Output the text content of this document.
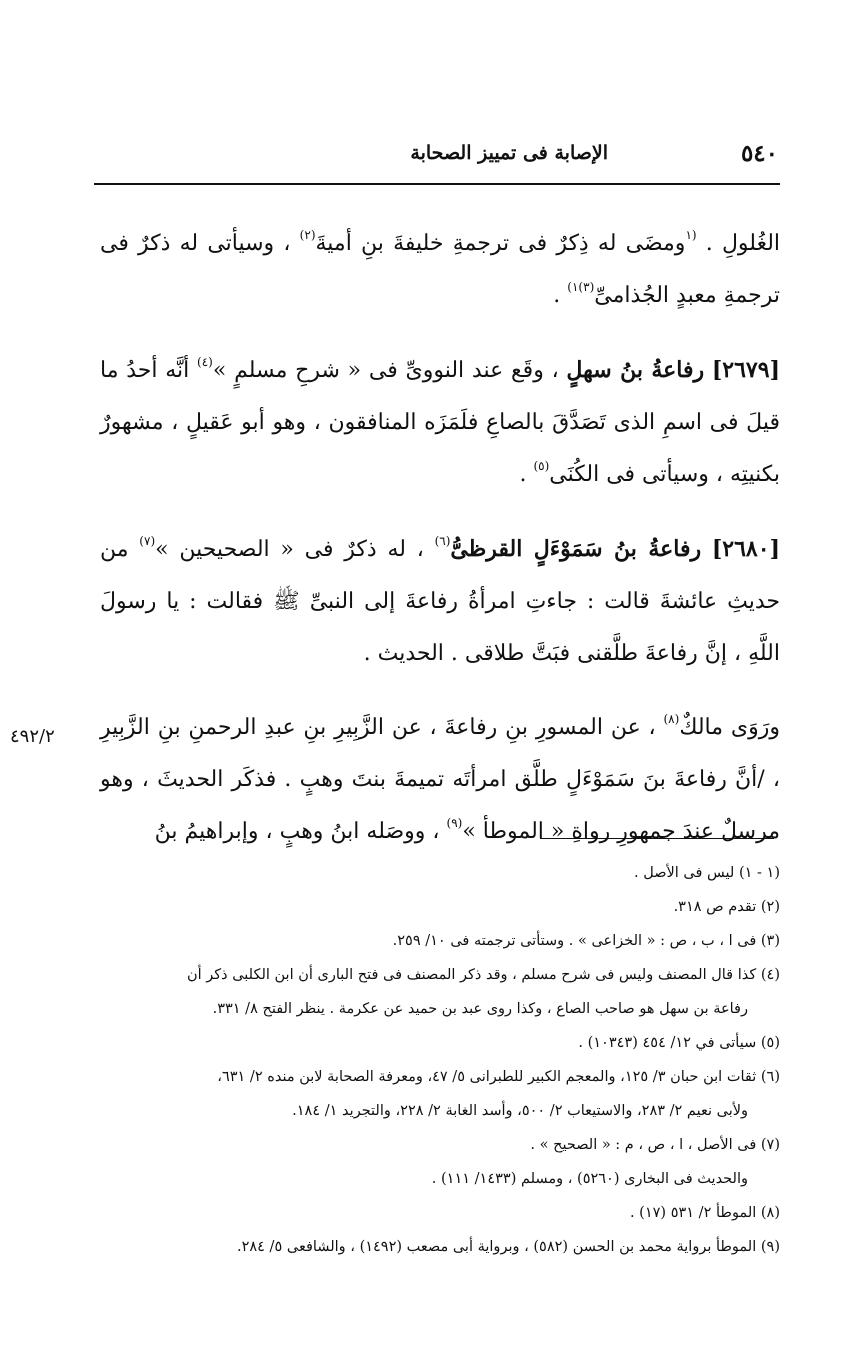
٥٤٠
الإصابة فى تمييز الصحابة

الغُلولِ . $^{(١}$ومضَى له ذِكرٌ فى ترجمةِ خليفةَ بنِ أميةَ$^{(٢)}$ ، وسيأتى له ذكرٌ فى ترجمةِ معبدٍ الجُذامىِّ$^{(٣)١)}$ .

[٢٦٧٩] رفاعةُ بنُ سهلٍ ، وقَع عند النووىِّ فى « شرحِ مسلمٍ »$^{(٤)}$ أنَّه أحدُ ما قيلَ فى اسمِ الذى تَصَدَّقَ بالصاعِ فلَمَزَه المنافقون ، وهو أبو عَقيلٍ ، مشهورٌ بكنيتِه ، وسيأتى فى الكُنَى$^{(٥)}$ .

[٢٦٨٠] رفاعةُ بنُ سَمَوْءَلٍ القرظىُّ$^{(٦)}$ ، له ذكرٌ فى « الصحيحين »$^{(٧)}$ من حديثِ عائشةَ قالت : جاءتِ امرأةُ رفاعةَ إلى النبىِّ ﷺ فقالت : يا رسولَ اللَّهِ ، إنَّ رفاعةَ طلَّقنى فبَتَّ طلاقى . الحديث .

ورَوَى مالكٌ$^{(٨)}$ ، عن المسورِ بنِ رفاعةَ ، عن الزَّبِيرِ بنِ عبدِ الرحمنِ بنِ الزَّبِيرِ ، /أنَّ رفاعةَ بنَ سَمَوْءَلٍ طلَّق امرأتَه تميمةَ بنتَ وهبٍ . فذكَر الحديثَ ، وهو مرسلٌ عندَ جمهورِ رواةِ « الموطأ »$^{(٩)}$ ، ووصَله ابنُ وهبٍ ، وإبراهيمُ بنُ

٤٩٢/٢
(١ - ١) ليس فى الأصل .
(٢) تقدم ص ٣١٨.
(٣) فى ا ، ب ، ص : « الخزاعى » . وستأتى ترجمته فى ١٠/ ٢٥٩.
(٤) كذا قال المصنف وليس فى شرح مسلم ، وقد ذكر المصنف فى فتح البارى أن ابن الكلبى ذكر أن
رفاعة بن سهل هو صاحب الصاع ، وكذا روى عبد بن حميد عن عكرمة . ينظر الفتح ٨/ ٣٣١.
(٥) سيأتى في ١٢/ ٤٥٤ (١٠٣٤٣) .
(٦) ثقات ابن حبان ٣/ ١٢٥، والمعجم الكبير للطبرانى ٥/ ٤٧، ومعرفة الصحابة لابن منده ٢/ ٦٣١،
ولأبى نعيم ٢/ ٢٨٣، والاستيعاب ٢/ ٥٠٠، وأسد الغابة ٢/ ٢٢٨، والتجريد ١/ ١٨٤.
(٧) فى الأصل ، ا ، ص ، م : « الصحيح » .
والحديث فى البخارى (٥٢٦٠) ، ومسلم (١٤٣٣/ ١١١) .
(٨) الموطأ ٢/ ٥٣١ (١٧) .
(٩) الموطأ برواية محمد بن الحسن (٥٨٢) ، وبرواية أبى مصعب (١٤٩٢) ، والشافعى ٥/ ٢٨٤.
